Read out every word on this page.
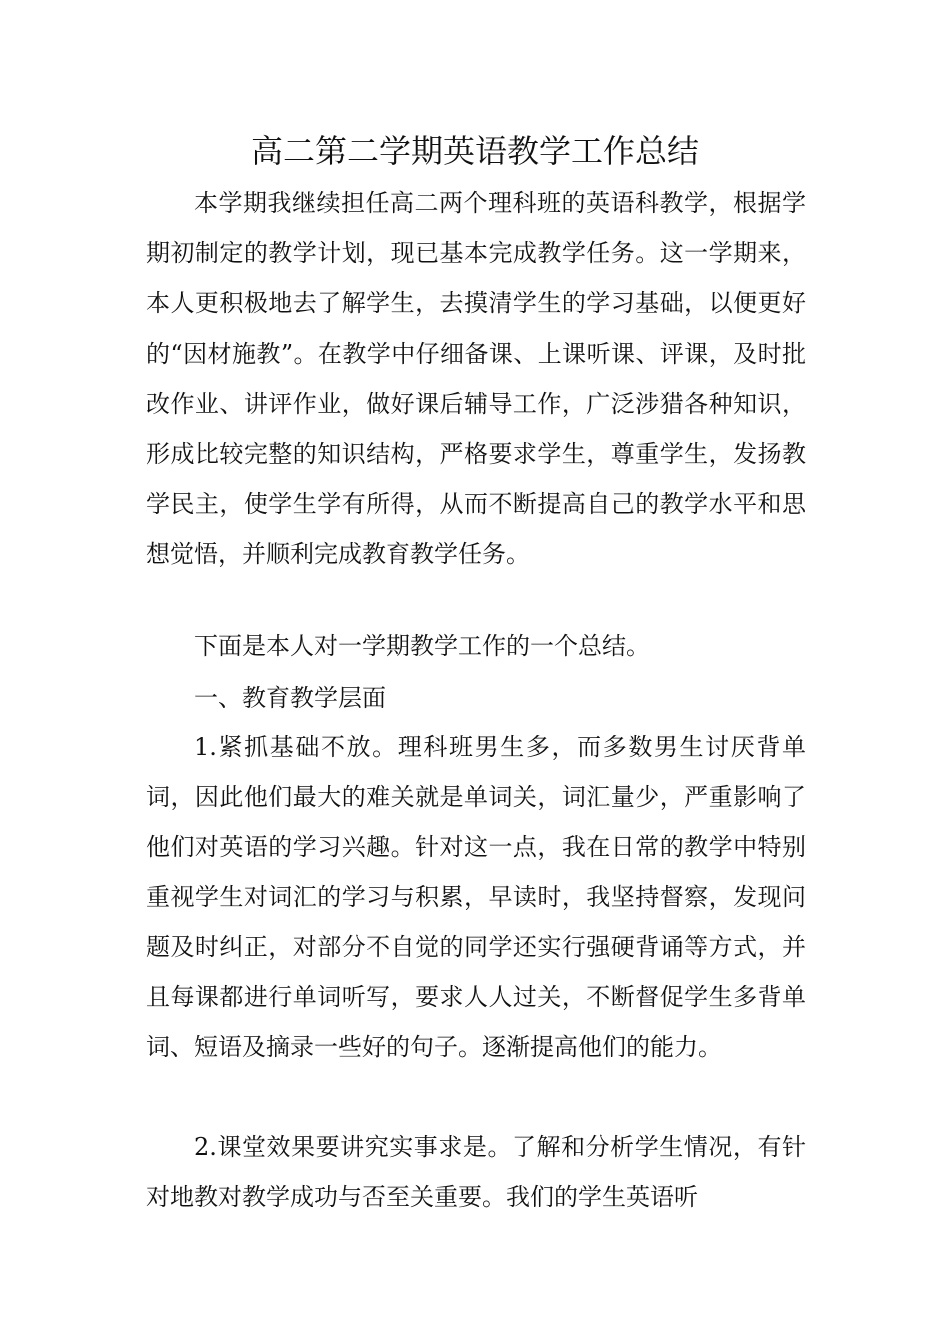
高二第二学期英语教学工作总结

本学期我继续担任高二两个理科班的英语科教学，根据学期初制定的教学计划，现已基本完成教学任务。这一学期来，本人更积极地去了解学生，去摸清学生的学习基础，以便更好的“因材施教”。在教学中仔细备课、上课听课、评课，及时批改作业、讲评作业，做好课后辅导工作，广泛涉猎各种知识，形成比较完整的知识结构，严格要求学生，尊重学生，发扬教学民主，使学生学有所得，从而不断提高自己的教学水平和思想觉悟，并顺利完成教育教学任务。

下面是本人对一学期教学工作的一个总结。

一、教育教学层面

1.紧抓基础不放。理科班男生多，而多数男生讨厌背单词，因此他们最大的难关就是单词关，词汇量少，严重影响了他们对英语的学习兴趣。针对这一点，我在日常的教学中特别重视学生对词汇的学习与积累，早读时，我坚持督察，发现问题及时纠正，对部分不自觉的同学还实行强硬背诵等方式，并且每课都进行单词听写，要求人人过关，不断督促学生多背单词、短语及摘录一些好的句子。逐渐提高他们的能力。

2.课堂效果要讲究实事求是。了解和分析学生情况，有针对地教对教学成功与否至关重要。我们的学生英语听
